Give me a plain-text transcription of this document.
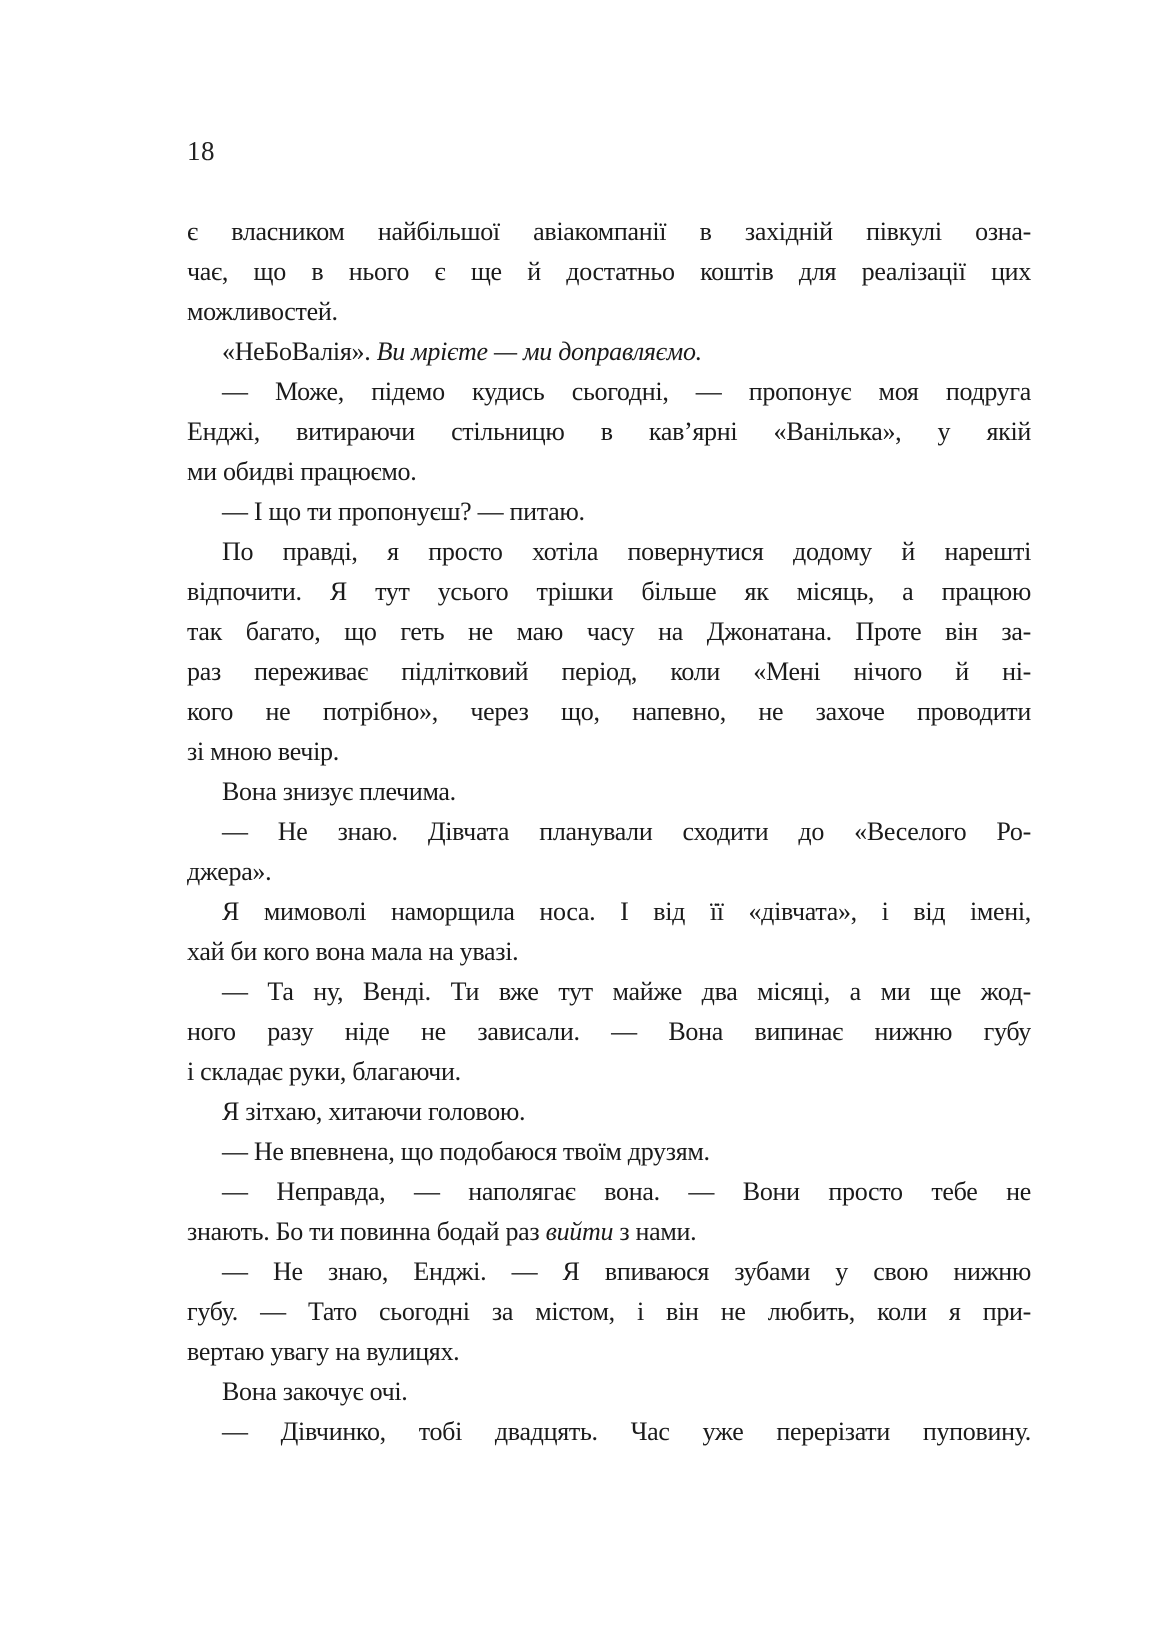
18
є власником найбільшої авіакомпанії в західній півкулі озна-
чає, що в нього є ще й достатньо коштів для реалізації цих
можливостей.
«НеБоВалія». Ви мрієте — ми доправляємо.
— Може, підемо кудись сьогодні, — пропонує моя подруга
Енджі, витираючи стільницю в кав’ярні «Ванілька», у якій
ми обидві працюємо.
— І що ти пропонуєш? — питаю.
По правді, я просто хотіла повернутися додому й нарешті
відпочити. Я тут усього трішки більше як місяць, а працюю
так багато, що геть не маю часу на Джонатана. Проте він за-
раз переживає підлітковий період, коли «Мені нічого й ні-
кого не потрібно», через що, напевно, не захоче проводити
зі мною вечір.
Вона знизує плечима.
— Не знаю. Дівчата планували сходити до «Веселого Ро-
джера».
Я мимоволі наморщила носа. І від її «дівчата», і від імені,
хай би кого вона мала на увазі.
— Та ну, Венді. Ти вже тут майже два місяці, а ми ще жод-
ного разу ніде не зависали. — Вона випинає нижню губу
і складає руки, благаючи.
Я зітхаю, хитаючи головою.
— Не впевнена, що подобаюся твоїм друзям.
— Неправда, — наполягає вона. — Вони просто тебе не
знають. Бо ти повинна бодай раз вийти з нами.
— Не знаю, Енджі. — Я впиваюся зубами у свою нижню
губу. — Тато сьогодні за містом, і він не любить, коли я при-
вертаю увагу на вулицях.
Вона закочує очі.
— Дівчинко, тобі двадцять. Час уже перерізати пуповину.
